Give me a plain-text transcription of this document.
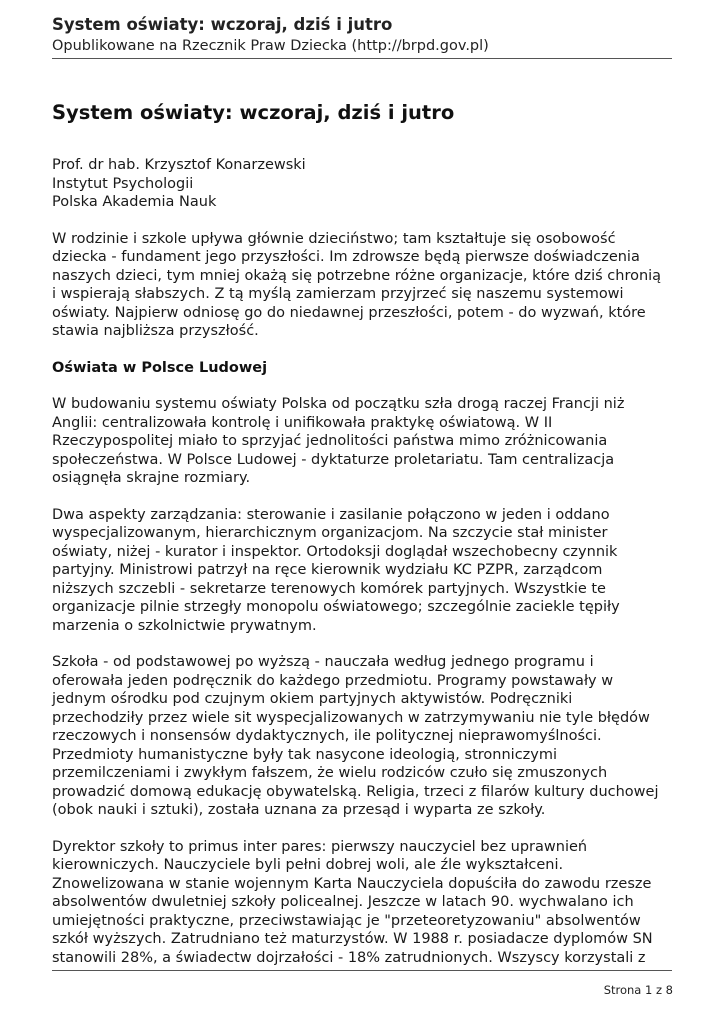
System oświaty: wczoraj, dziś i jutro

Opublikowane na Rzecznik Praw Dziecka (http://brpd.gov.pl)

System oświaty: wczoraj, dziś i jutro
Prof. dr hab. Krzysztof Konarzewski
Instytut Psychologii
Polska Akademia Nauk

W rodzinie i szkole upływa głównie dzieciństwo; tam kształtuje się osobowość
dziecka - fundament jego przyszłości. Im zdrowsze będą pierwsze doświadczenia
naszych dzieci, tym mniej okażą się potrzebne różne organizacje, które dziś chronią
i wspierają słabszych. Z tą myślą zamierzam przyjrzeć się naszemu systemowi
oświaty. Najpierw odniosę go do niedawnej przeszłości, potem - do wyzwań, które
stawia najbliższa przyszłość.

Oświata w Polsce Ludowej

W budowaniu systemu oświaty Polska od początku szła drogą raczej Francji niż
Anglii: centralizowała kontrolę i unifikowała praktykę oświatową. W II
Rzeczypospolitej miało to sprzyjać jednolitości państwa mimo zróżnicowania
społeczeństwa. W Polsce Ludowej - dyktaturze proletariatu. Tam centralizacja
osiągnęła skrajne rozmiary.

Dwa aspekty zarządzania: sterowanie i zasilanie połączono w jeden i oddano
wyspecjalizowanym, hierarchicznym organizacjom. Na szczycie stał minister
oświaty, niżej - kurator i inspektor. Ortodoksji doglądał wszechobecny czynnik
partyjny. Ministrowi patrzył na ręce kierownik wydziału KC PZPR, zarządcom
niższych szczebli - sekretarze terenowych komórek partyjnych. Wszystkie te
organizacje pilnie strzegły monopolu oświatowego; szczególnie zaciekle tępiły
marzenia o szkolnictwie prywatnym.

Szkoła - od podstawowej po wyższą - nauczała według jednego programu i
oferowała jeden podręcznik do każdego przedmiotu. Programy powstawały w
jednym ośrodku pod czujnym okiem partyjnych aktywistów. Podręczniki
przechodziły przez wiele sit wyspecjalizowanych w zatrzymywaniu nie tyle błędów
rzeczowych i nonsensów dydaktycznych, ile politycznej nieprawomyślności.
Przedmioty humanistyczne były tak nasycone ideologią, stronniczymi
przemilczeniami i zwykłym fałszem, że wielu rodziców czuło się zmuszonych
prowadzić domową edukację obywatelską. Religia, trzeci z filarów kultury duchowej
(obok nauki i sztuki), została uznana za przesąd i wyparta ze szkoły.

Dyrektor szkoły to primus inter pares: pierwszy nauczyciel bez uprawnień
kierowniczych. Nauczyciele byli pełni dobrej woli, ale źle wykształceni.
Znowelizowana w stanie wojennym Karta Nauczyciela dopuściła do zawodu rzesze
absolwentów dwuletniej szkoły policealnej. Jeszcze w latach 90. wychwalano ich
umiejętności praktyczne, przeciwstawiając je "przeteoretyzowaniu" absolwentów
szkół wyższych. Zatrudniano też maturzystów. W 1988 r. posiadacze dyplomów SN
stanowili 28%, a świadectw dojrzałości - 18% zatrudnionych. Wszyscy korzystali z

Strona 1 z 8
